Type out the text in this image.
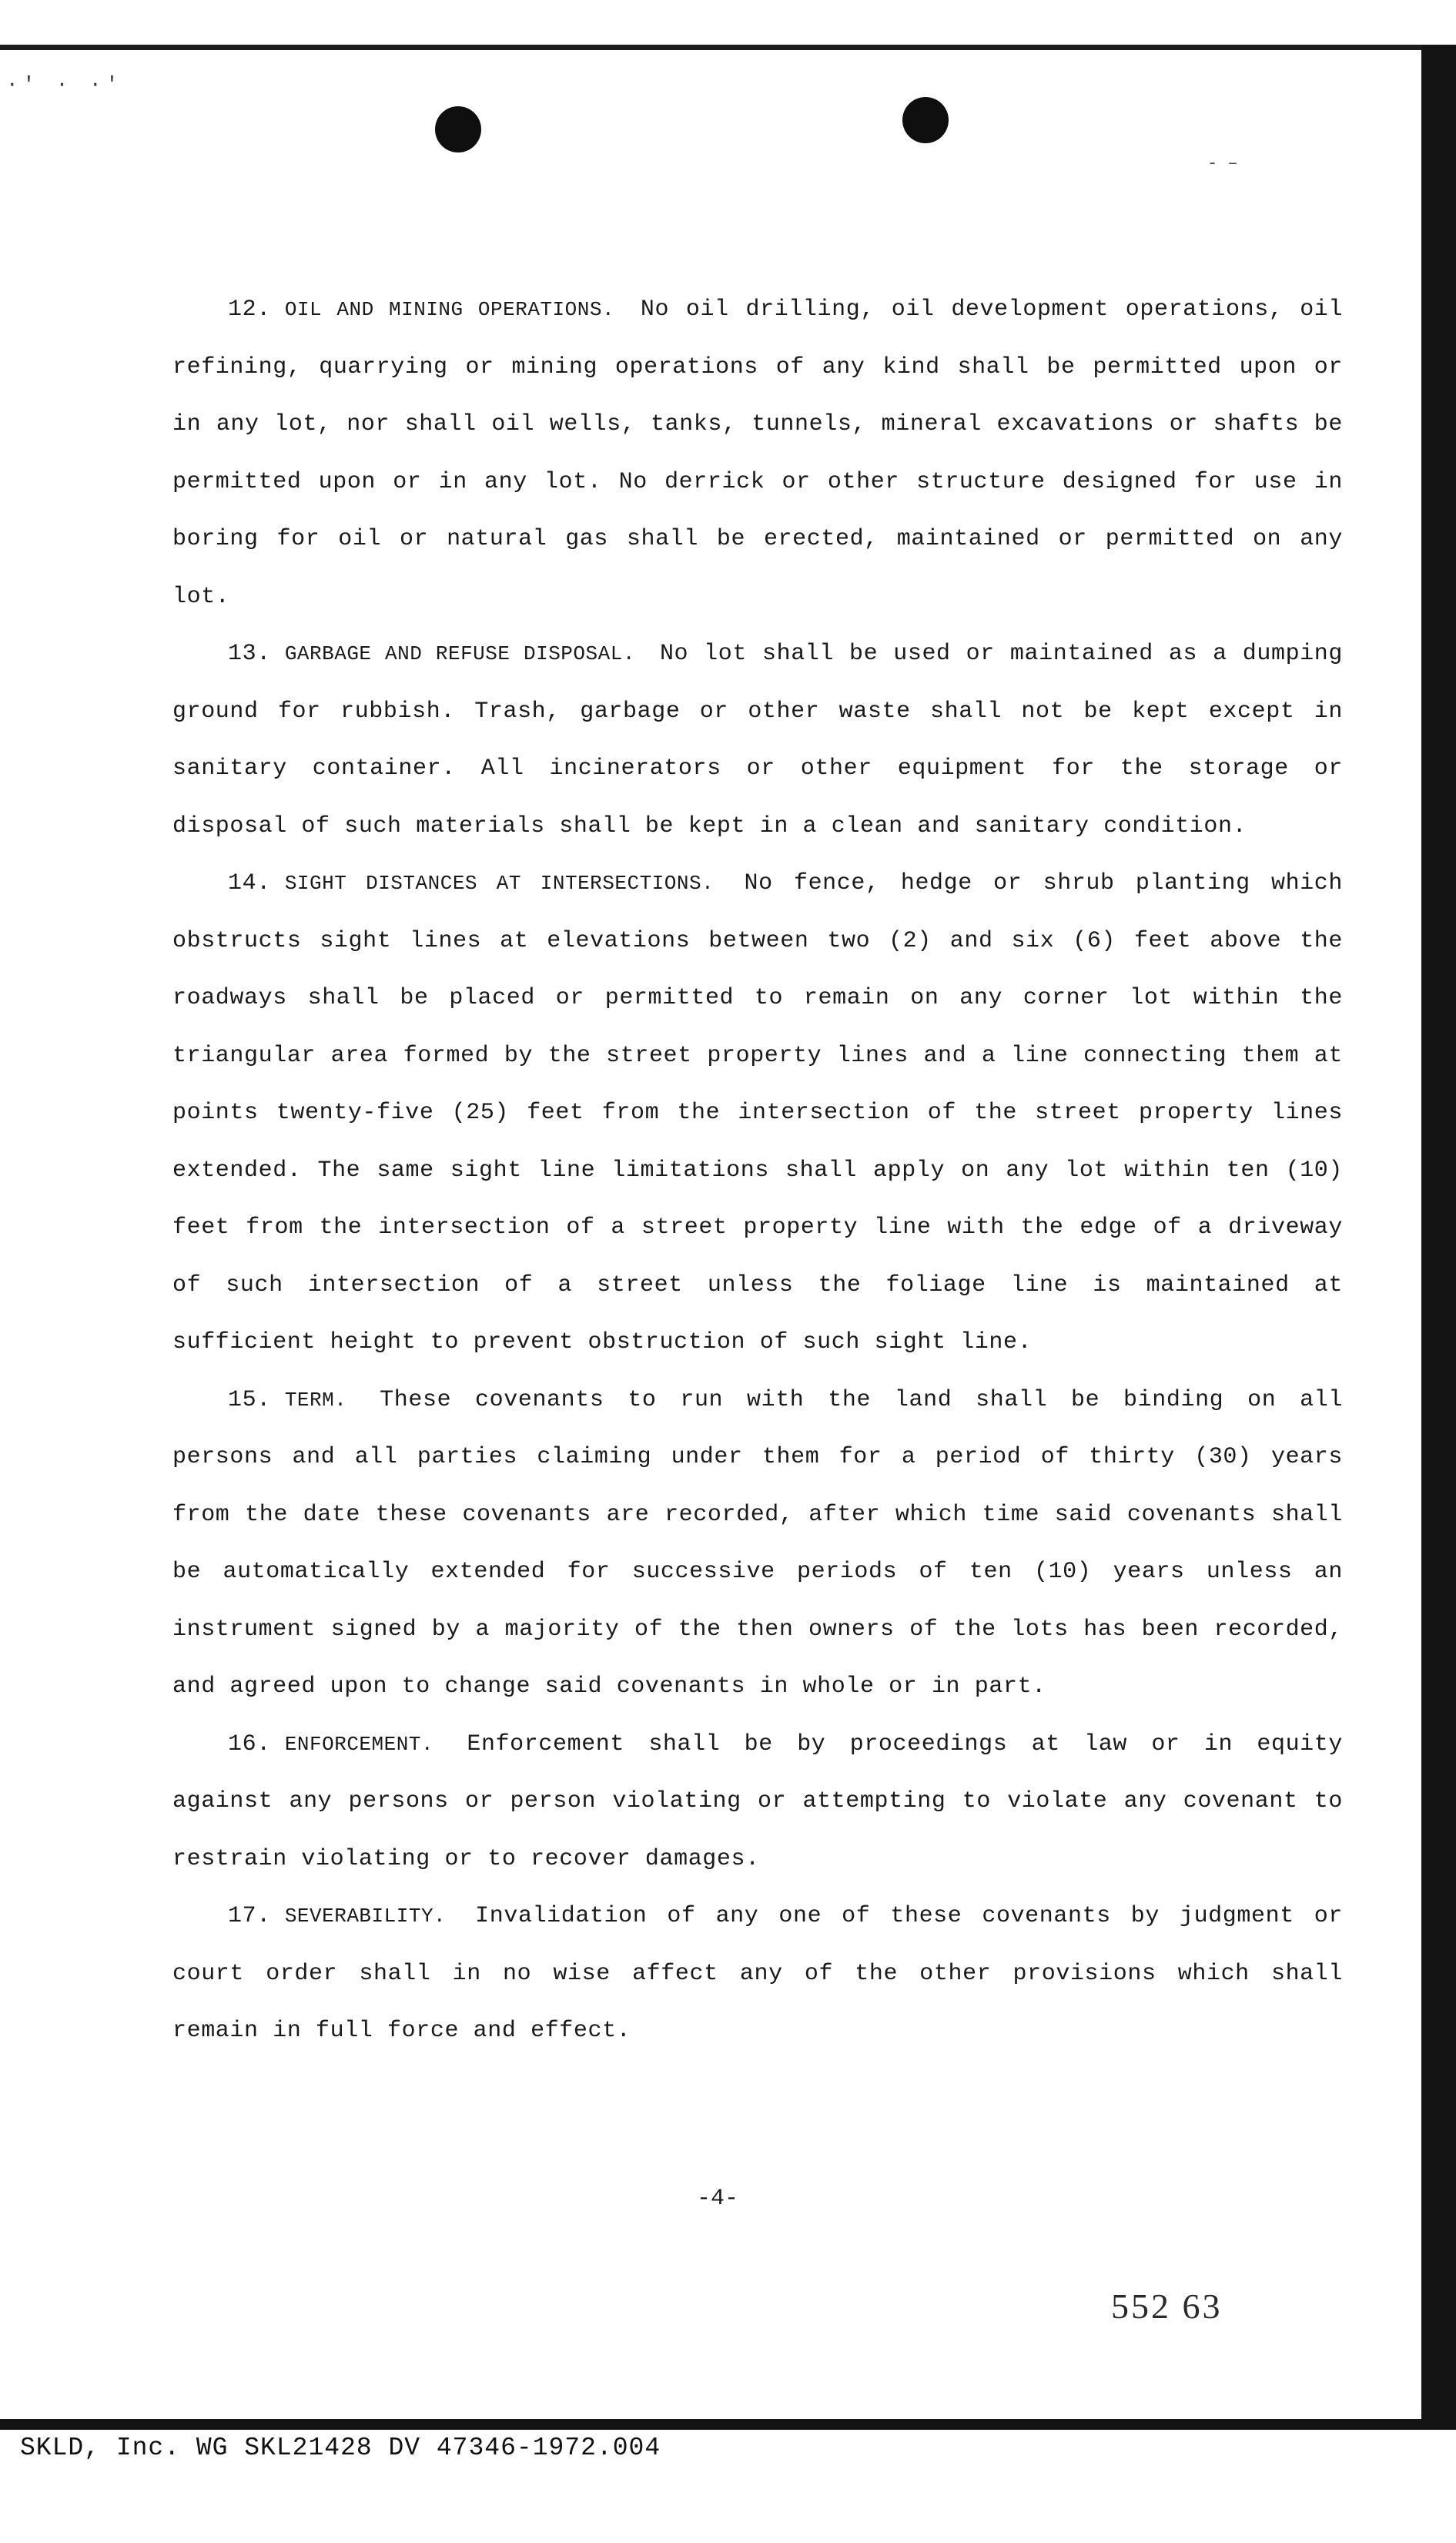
·' · ·'
- –

12. OIL AND MINING OPERATIONS. No oil drilling, oil development operations, oil refining, quarrying or mining operations of any kind shall be permitted upon or in any lot, nor shall oil wells, tanks, tunnels, mineral excavations or shafts be permitted upon or in any lot. No derrick or other structure designed for use in boring for oil or natural gas shall be erected, maintained or permitted on any lot.

13. GARBAGE AND REFUSE DISPOSAL. No lot shall be used or maintained as a dumping ground for rubbish. Trash, garbage or other waste shall not be kept except in sanitary container. All incinerators or other equipment for the storage or disposal of such materials shall be kept in a clean and sanitary condition.

14. SIGHT DISTANCES AT INTERSECTIONS. No fence, hedge or shrub planting which obstructs sight lines at elevations between two (2) and six (6) feet above the roadways shall be placed or permitted to remain on any corner lot within the triangular area formed by the street property lines and a line connecting them at points twenty-five (25) feet from the intersection of the street property lines extended. The same sight line limitations shall apply on any lot within ten (10) feet from the intersection of a street property line with the edge of a driveway of such intersection of a street unless the foliage line is maintained at sufficient height to prevent obstruction of such sight line.

15. TERM. These covenants to run with the land shall be binding on all persons and all parties claiming under them for a period of thirty (30) years from the date these covenants are recorded, after which time said covenants shall be automatically extended for successive periods of ten (10) years unless an instrument signed by a majority of the then owners of the lots has been recorded, and agreed upon to change said covenants in whole or in part.

16. ENFORCEMENT. Enforcement shall be by proceedings at law or in equity against any persons or person violating or attempting to violate any covenant to restrain violating or to recover damages.

17. SEVERABILITY. Invalidation of any one of these covenants by judgment or court order shall in no wise affect any of the other provisions which shall remain in full force and effect.

-4-
552 63
SKLD, Inc. WG SKL21428 DV 47346-1972.004
